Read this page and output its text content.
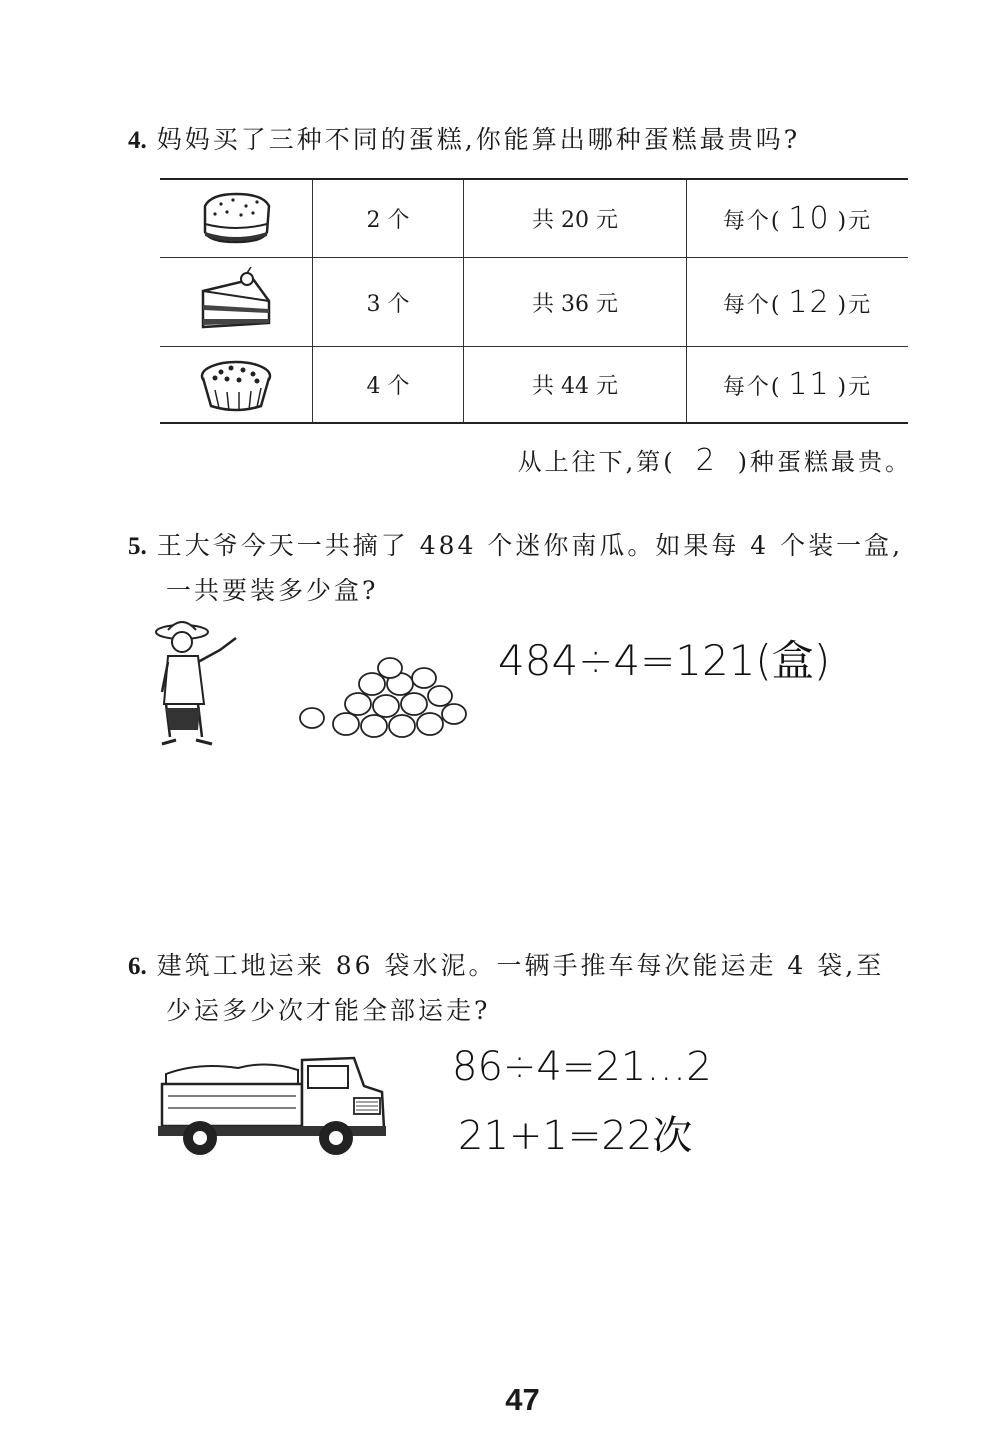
4. 妈妈买了三种不同的蛋糕,你能算出哪种蛋糕最贵吗?
	2 个	共 20 元	每个( 10 )元

	3 个	共 36 元	每个( 12 )元

	4 个	共 44 元	每个( 11 )元
从上往下,第( 2 )种蛋糕最贵。
5. 王大爷今天一共摘了 484 个迷你南瓜。如果每 4 个装一盒,
一共要装多少盒?
484÷4=121(盒)
6. 建筑工地运来 86 袋水泥。一辆手推车每次能运走 4 袋,至
少运多少次才能全部运走?
86÷4=21…2
21+1=22次
47
